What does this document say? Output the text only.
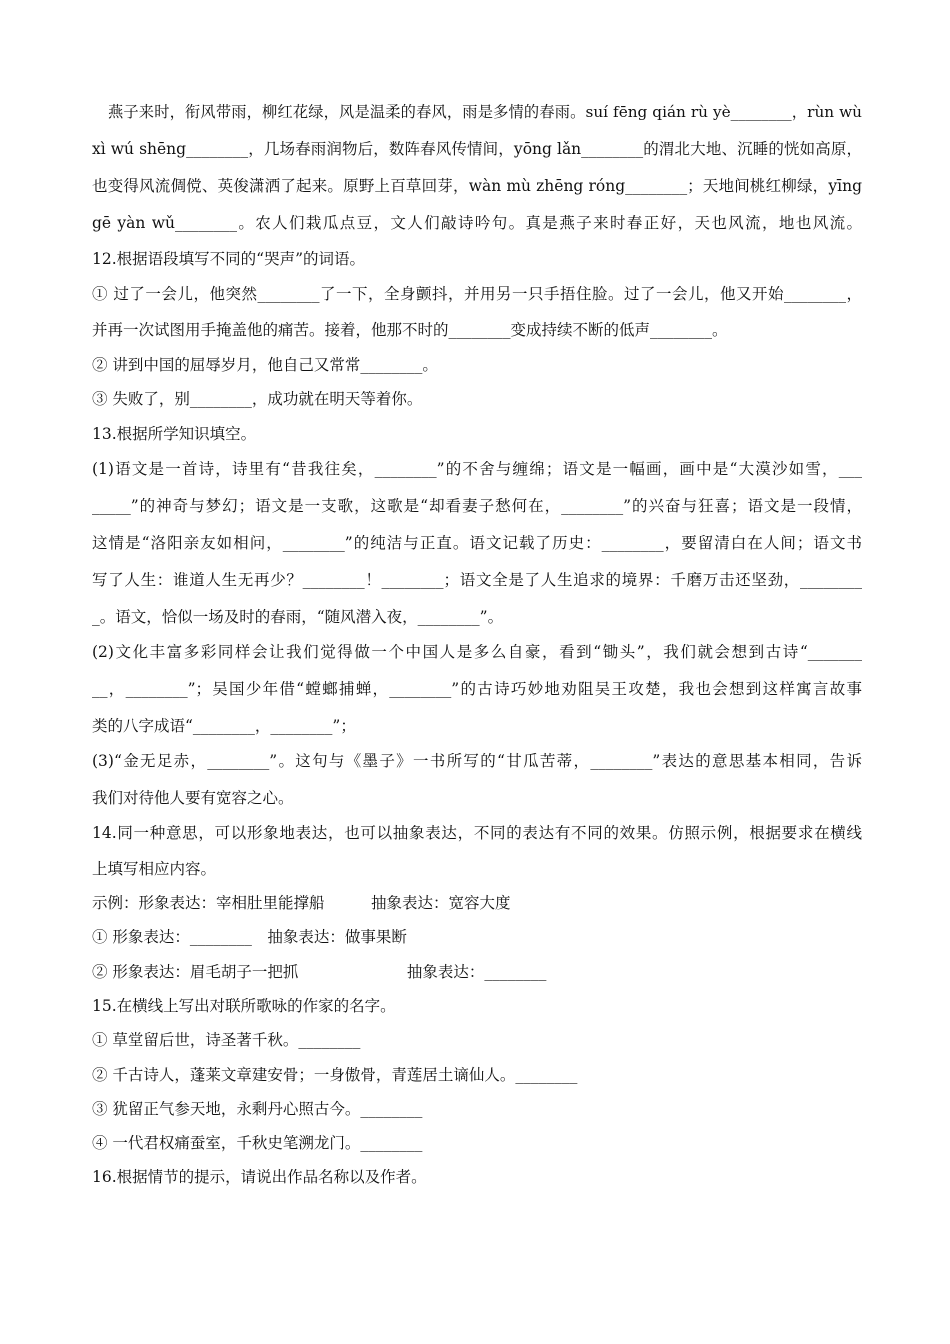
燕子来时，衔风带雨，柳红花绿，风是温柔的春风，雨是多情的春雨。suí fēng qián rù yè________，rùn wù
xì wú shēng________，几场春雨润物后，数阵春风传情间，yōng lǎn________的渭北大地、沉睡的恍如高原，
也变得风流倜傥、英俊潇洒了起来。原野上百草回芽，wàn mù zhēng róng________；天地间桃红柳绿，yīng
gē yàn wǔ________。农人们栽瓜点豆，文人们敲诗吟句。真是燕子来时春正好，天也风流，地也风流。
12.根据语段填写不同的“哭声”的词语。
① 过了一会儿，他突然________了一下，全身颤抖，并用另一只手捂住脸。过了一会儿，他又开始________，
并再一次试图用手掩盖他的痛苦。接着，他那不时的________变成持续不断的低声________。
② 讲到中国的屈辱岁月，他自己又常常________。
③ 失败了，别________，成功就在明天等着你。
13.根据所学知识填空。
(1)语文是一首诗，诗里有“昔我往矣，________”的不舍与缠绵；语文是一幅画，画中是“大漠沙如雪，___
_____”的神奇与梦幻；语文是一支歌，这歌是“却看妻子愁何在，________”的兴奋与狂喜；语文是一段情，
这情是“洛阳亲友如相问，________”的纯洁与正直。语文记载了历史：________，要留清白在人间；语文书
写了人生：谁道人生无再少？________！________；语文全是了人生追求的境界：千磨万击还坚劲，________
_。语文，恰似一场及时的春雨，“随风潜入夜，________”。
(2)文化丰富多彩同样会让我们觉得做一个中国人是多么自豪，看到“锄头”，我们就会想到古诗“_______
__，________”；吴国少年借“螳螂捕蝉，________”的古诗巧妙地劝阻吴王攻楚，我也会想到这样寓言故事
类的八字成语“________，________”；
(3)“金无足赤，________”。这句与《墨子》一书所写的“甘瓜苦蒂，________”表达的意思基本相同，告诉
我们对待他人要有宽容之心。
14.同一种意思，可以形象地表达，也可以抽象表达，不同的表达有不同的效果。仿照示例，根据要求在横线
上填写相应内容。
示例：形象表达：宰相肚里能撑船　　　抽象表达：宽容大度
① 形象表达：________　抽象表达：做事果断
② 形象表达：眉毛胡子一把抓　　　　　　　抽象表达：________
15.在横线上写出对联所歌咏的作家的名字。
① 草堂留后世，诗圣著千秋。________
② 千古诗人，蓬莱文章建安骨；一身傲骨，青莲居土谪仙人。________
③ 犹留正气参天地，永剩丹心照古今。________
④ 一代君权痛蚕室，千秋史笔溯龙门。________
16.根据情节的提示，请说出作品名称以及作者。
